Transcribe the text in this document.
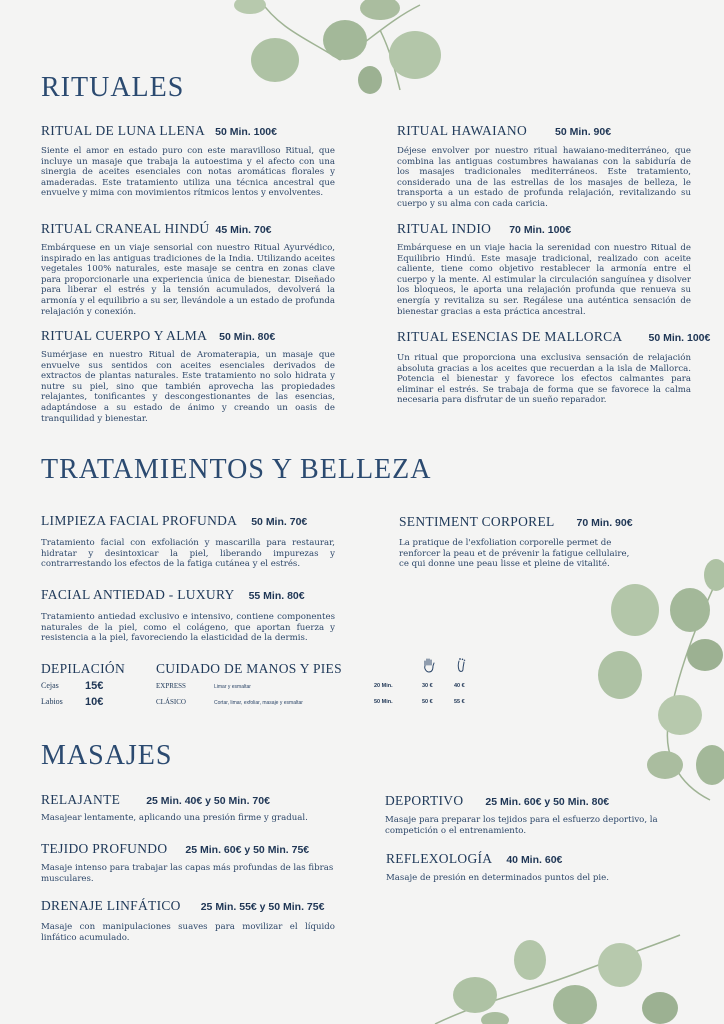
RITUALES
RITUAL DE LUNA LLENA 50 Min. 100€

Siente el amor en estado puro con este maravilloso Ritual, que incluye un masaje que trabaja la autoestima y el afecto con una sinergia de aceites esenciales con notas aromáticas florales y amaderadas. Este tratamiento utiliza una técnica ancestral que envuelve y mima con movimientos rítmicos lentos y envolventes.

RITUAL HAWAIANO	50 Min. 90€

Déjese envolver por nuestro ritual hawaiano-mediterráneo, que combina las antiguas costumbres hawaianas con la sabiduría de los masajes tradicionales mediterráneos. Este tratamiento, considerado una de las estrellas de los masajes de belleza, le transporta a un estado de profunda relajación, revitalizando su cuerpo y su alma con cada caricia.

RITUAL CRANEAL HINDÚ 45 Min. 70€

Embárquese en un viaje sensorial con nuestro Ritual Ayurvédico, inspirado en las antiguas tradiciones de la India. Utilizando aceites vegetales 100% naturales, este masaje se centra en zonas clave para proporcionarle una experiencia única de bienestar. Diseñado para liberar el estrés y la tensión acumulados, devolverá la armonía y el equilibrio a su ser, llevándole a un estado de profunda relajación y conexión.

RITUAL INDIO 70 Min. 100€

Embárquese en un viaje hacia la serenidad con nuestro Ritual de Equilibrio Hindú. Este masaje tradicional, realizado con aceite caliente, tiene como objetivo restablecer la armonía entre el cuerpo y la mente. Al estimular la circulación sanguínea y disolver los bloqueos, le aporta una relajación profunda que renueva su energía y revitaliza su ser. Regálese una auténtica sensación de bienestar gracias a esta práctica ancestral.

RITUAL CUERPO Y ALMA 50 Min. 80€

Sumérjase en nuestro Ritual de Aromaterapia, un masaje que envuelve sus sentidos con aceites esenciales derivados de extractos de plantas naturales. Este tratamiento no solo hidrata y nutre su piel, sino que también aprovecha las propiedades relajantes, tonificantes y descongestionantes de las esencias, adaptándose a su estado de ánimo y creando un oasis de tranquilidad y bienestar.

RITUAL ESENCIAS DE MALLORCA 50 Min. 100€

Un ritual que proporciona una exclusiva sensación de relajación absoluta gracias a los aceites que recuerdan a la isla de Mallorca. Potencia el bienestar y favorece los efectos calmantes para eliminar el estrés. Se trabaja de forma que se favorece la calma necesaria para disfrutar de un sueño reparador.

TRATAMIENTOS Y BELLEZA
LIMPIEZA FACIAL PROFUNDA 50 Min. 70€

Tratamiento facial con exfoliación y mascarilla para restaurar, hidratar y desintoxicar la piel, liberando impurezas y contrarrestando los efectos de la fatiga cutánea y el estrés.

SENTIMENT CORPOREL 70 Min. 90€

La pratique de l'exfoliation corporelle permet de renforcer la peau et de prévenir la fatigue cellulaire, ce qui donne une peau lisse et pleine de vitalité.

FACIAL ANTIEDAD - LUXURY 55 Min. 80€

Tratamiento antiedad exclusivo e intensivo, contiene componentes naturales de la piel, como el colágeno, que aportan fuerza y resistencia a la piel, favoreciendo la elasticidad de la dermis.

DEPILACIÓN
Cejas 15€
Labios 10€
CUIDADO DE MANOS Y PIES
EXPRESS	Limar y esmaltar	20 Min.	30 €	40 €
CLÁSICO	Cortar, limar, exfoliar, masaje y esmaltar	50 Min.	50 €	55 €
MASAJES
RELAJANTE 25 Min. 40€ y 50 Min. 70€

Masajear lentamente, aplicando una presión firme y gradual.

DEPORTIVO 25 Min. 60€ y 50 Min. 80€

Masaje para preparar los tejidos para el esfuerzo deportivo, la competición o el entrenamiento.

TEJIDO PROFUNDO 25 Min. 60€ y 50 Min. 75€

Masaje intenso para trabajar las capas más profundas de las fibras musculares.

REFLEXOLOGÍA 40 Min. 60€

Masaje de presión en determinados puntos del pie.

DRENAJE LINFÁTICO 25 Min. 55€ y 50 Min. 75€

Masaje con manipulaciones suaves para movilizar el líquido linfático acumulado.
